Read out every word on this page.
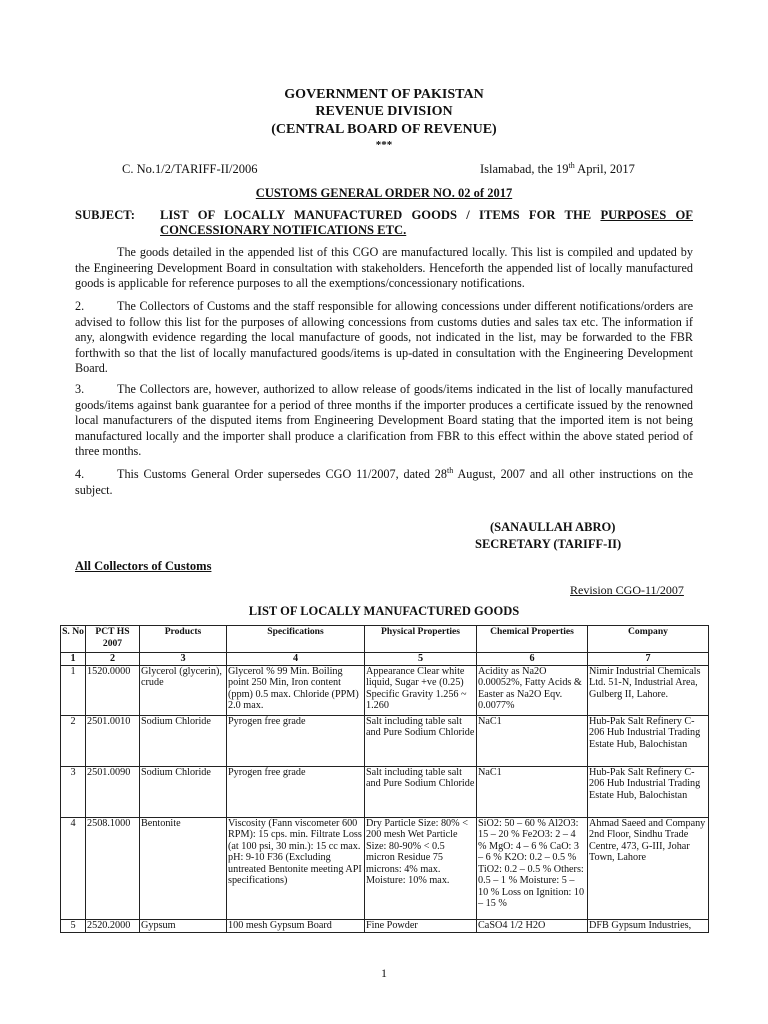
GOVERNMENT OF PAKISTAN
REVENUE DIVISION
(CENTRAL BOARD OF REVENUE)
***
C. No.1/2/TARIFF-II/2006	Islamabad, the 19th April, 2017
CUSTOMS GENERAL ORDER NO. 02 of 2017
SUBJECT: LIST OF LOCALLY MANUFACTURED GOODS / ITEMS FOR THE PURPOSES OF CONCESSIONARY NOTIFICATIONS ETC.
The goods detailed in the appended list of this CGO are manufactured locally. This list is compiled and updated by the Engineering Development Board in consultation with stakeholders. Henceforth the appended list of locally manufactured goods is applicable for reference purposes to all the exemptions/concessionary notifications.
2.	The Collectors of Customs and the staff responsible for allowing concessions under different notifications/orders are advised to follow this list for the purposes of allowing concessions from customs duties and sales tax etc. The information if any, alongwith evidence regarding the local manufacture of goods, not indicated in the list, may be forwarded to the FBR forthwith so that the list of locally manufactured goods/items is up-dated in consultation with the Engineering Development Board.
3.	The Collectors are, however, authorized to allow release of goods/items indicated in the list of locally manufactured goods/items against bank guarantee for a period of three months if the importer produces a certificate issued by the renowned local manufacturers of the disputed items from Engineering Development Board stating that the imported item is not being manufactured locally and the importer shall produce a clarification from FBR to this effect within the above stated period of three months.
4.	This Customs General Order supersedes CGO 11/2007, dated 28th August, 2007 and all other instructions on the subject.
(SANAULLAH ABRO)
SECRETARY (TARIFF-II)
All Collectors of Customs
Revision CGO-11/2007
LIST OF LOCALLY MANUFACTURED GOODS
S. No	PCT HS 2007	Products	Specifications	Physical Properties	Chemical Properties	Company
1	2	3	4	5	6	7
1	1520.0000	Glycerol (glycerin), crude	Glycerol % 99 Min. Boiling point 250 Min, Iron content (ppm) 0.5 max. Chloride (PPM) 2.0 max.	Appearance Clear white liquid, Sugar +ve (0.25) Specific Gravity 1.256 ~ 1.260	Acidity as Na2O 0.00052%, Fatty Acids & Easter as Na2O Eqv. 0.0077%	Nimir Industrial Chemicals Ltd. 51-N, Industrial Area, Gulberg II, Lahore.
2	2501.0010	Sodium Chloride	Pyrogen free grade	Salt including table salt and Pure Sodium Chloride	NaC1	Hub-Pak Salt Refinery C-206 Hub Industrial Trading Estate Hub, Balochistan
3	2501.0090	Sodium Chloride	Pyrogen free grade	Salt including table salt and Pure Sodium Chloride	NaC1	Hub-Pak Salt Refinery C-206 Hub Industrial Trading Estate Hub, Balochistan
4	2508.1000	Bentonite	Viscosity (Fann viscometer 600 RPM): 15 cps. min. Filtrate Loss (at 100 psi, 30 min.): 15 cc max. pH: 9-10 F36 (Excluding untreated Bentonite meeting API specifications)	Dry Particle Size: 80% < 200 mesh Wet Particle Size: 80-90% < 0.5 micron Residue 75 microns: 4% max. Moisture: 10% max.	SiO2: 50 – 60 % Al2O3: 15 – 20 % Fe2O3: 2 – 4 % MgO: 4 – 6 % CaO: 3 – 6 % K2O: 0.2 – 0.5 % TiO2: 0.2 – 0.5 % Others: 0.5 – 1 % Moisture: 5 – 10 % Loss on Ignition: 10 – 15 %	Ahmad Saeed and Company 2nd Floor, Sindhu Trade Centre, 473, G-III, Johar Town, Lahore
5	2520.2000	Gypsum	100 mesh Gypsum Board	Fine Powder	CaSO4 1/2 H2O	DFB Gypsum Industries,
1
